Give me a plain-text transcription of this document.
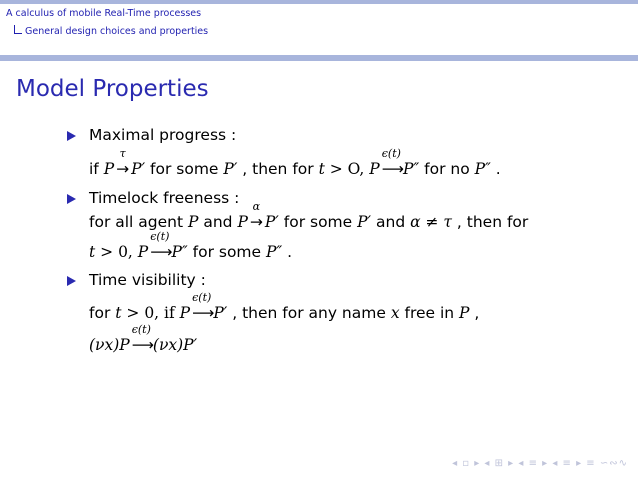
A calculus of mobile Real-Time processes
General design choices and properties
Model Properties
Maximal progress :
if P
τ
→ P′ for some P′ , then for t > O, P
ϵ(t)
⟶ P″ for no P″ .
Timelock freeness :
for all agent P and P
α
→ P′ for some P′ and α ≠ τ , then for
t > 0, P
ϵ(t)
⟶ P″ for some P″ .
Time visibility :
for t > 0, if P
ϵ(t)
⟶ P′ , then for any name x free in P ,
(νx)P
ϵ(t)
⟶ (νx)P′
◂ ▫ ▸ ◂ ⊞ ▸ ◂ ≡ ▸ ◂ ≡ ▸ ≡ ∽∾∿
